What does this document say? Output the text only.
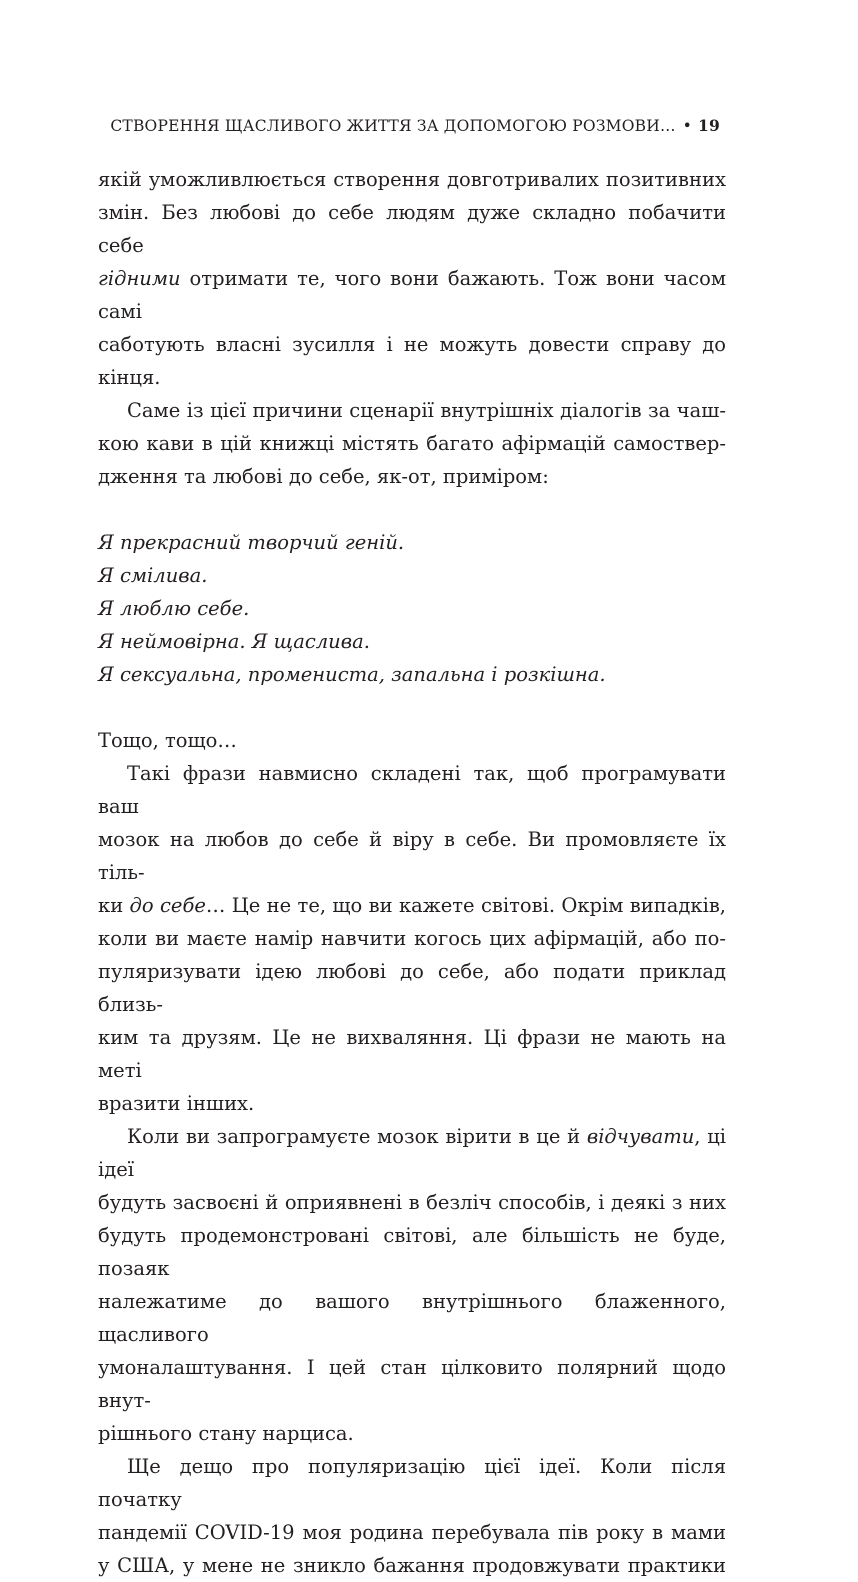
СТВОРЕННЯ ЩАСЛИВОГО ЖИТТЯ ЗА ДОПОМОГОЮ РОЗМОВИ… • 19
якій уможливлюється створення довготривалих позитивних
змін. Без любові до себе людям дуже складно побачити себе
гідними отримати те, чого вони бажають. Тож вони часом самі
саботують власні зусилля і не можуть довести справу до кінця.
Саме із цієї причини сценарії внутрішніх діалогів за чаш-
кою кави в цій книжці містять багато афірмацій самоствер-
дження та любові до себе, як-от, приміром:
Я прекрасний творчий геній.
Я смілива.
Я люблю себе.
Я неймовірна. Я щаслива.
Я сексуальна, промениста, запальна і розкішна.
Тощо, тощо…
Такі фрази навмисно складені так, щоб програмувати ваш
мозок на любов до себе й віру в себе. Ви промовляєте їх тіль-
ки до себе… Це не те, що ви кажете світові. Окрім випадків,
коли ви маєте намір навчити когось цих афірмацій, або по-
пуляризувати ідею любові до себе, або подати приклад близь-
ким та друзям. Це не вихваляння. Ці фрази не мають на меті
вразити інших.
Коли ви запрограмуєте мозок вірити в це й відчувати, ці ідеї
будуть засвоєні й оприявнені в безліч способів, і деякі з них
будуть продемонстровані світові, але більшість не буде, позаяк
належатиме до вашого внутрішнього блаженного, щасливого
умоналаштування. І цей стан цілковито полярний щодо внут-
рішнього стану нарциса.
Ще дещо про популяризацію цієї ідеї. Коли після початку
пандемії COVID-19 моя родина перебувала пів року в мами
у США, у мене не зникло бажання продовжувати практики
